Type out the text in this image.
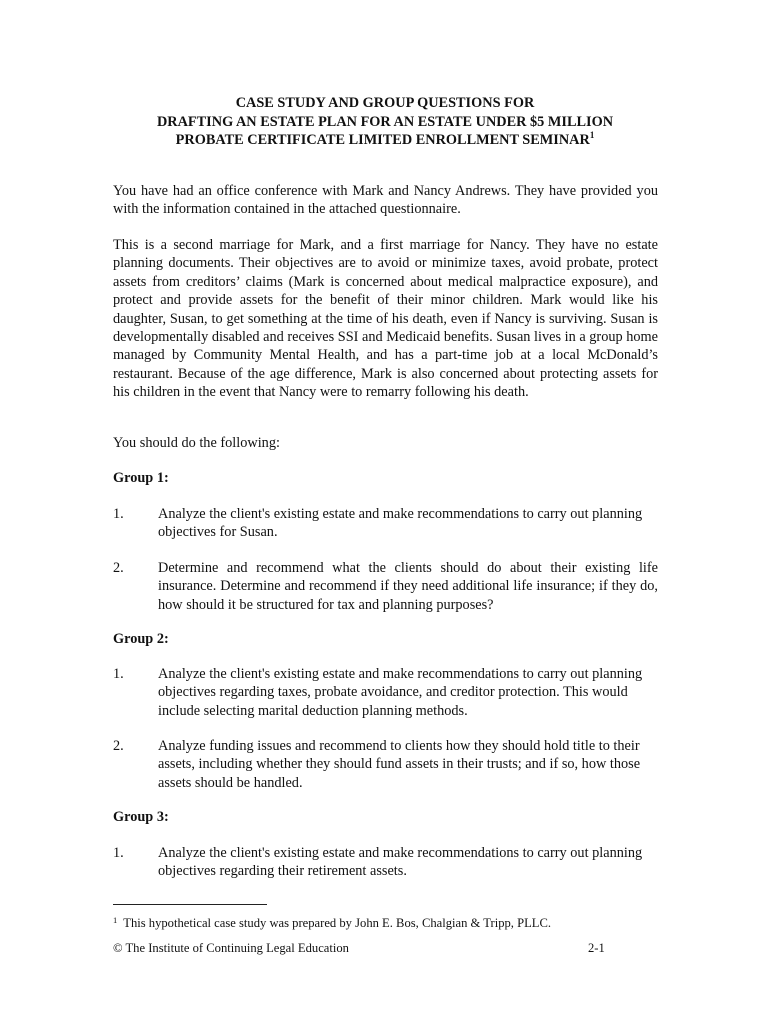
CASE STUDY AND GROUP QUESTIONS FOR
DRAFTING AN ESTATE PLAN FOR AN ESTATE UNDER $5 MILLION
PROBATE CERTIFICATE LIMITED ENROLLMENT SEMINAR$^1$
You have had an office conference with Mark and Nancy Andrews. They have provided you with the information contained in the attached questionnaire.
This is a second marriage for Mark, and a first marriage for Nancy. They have no estate planning documents. Their objectives are to avoid or minimize taxes, avoid probate, protect assets from creditors’ claims (Mark is concerned about medical malpractice exposure), and protect and provide assets for the benefit of their minor children. Mark would like his daughter, Susan, to get something at the time of his death, even if Nancy is surviving. Susan is developmentally disabled and receives SSI and Medicaid benefits. Susan lives in a group home managed by Community Mental Health, and has a part-time job at a local McDonald’s restaurant. Because of the age difference, Mark is also concerned about protecting assets for his children in the event that Nancy were to remarry following his death.
You should do the following:
Group 1:
1. Analyze the client's existing estate and make recommendations to carry out planning objectives for Susan.
2. Determine and recommend what the clients should do about their existing life insurance. Determine and recommend if they need additional life insurance; if they do, how should it be structured for tax and planning purposes?
Group 2:
1. Analyze the client's existing estate and make recommendations to carry out planning objectives regarding taxes, probate avoidance, and creditor protection. This would include selecting marital deduction planning methods.
2. Analyze funding issues and recommend to clients how they should hold title to their assets, including whether they should fund assets in their trusts; and if so, how those assets should be handled.
Group 3:
1. Analyze the client's existing estate and make recommendations to carry out planning objectives regarding their retirement assets.
$^1$ This hypothetical case study was prepared by John E. Bos, Chalgian & Tripp, PLLC.
© The Institute of Continuing Legal Education	2-1
